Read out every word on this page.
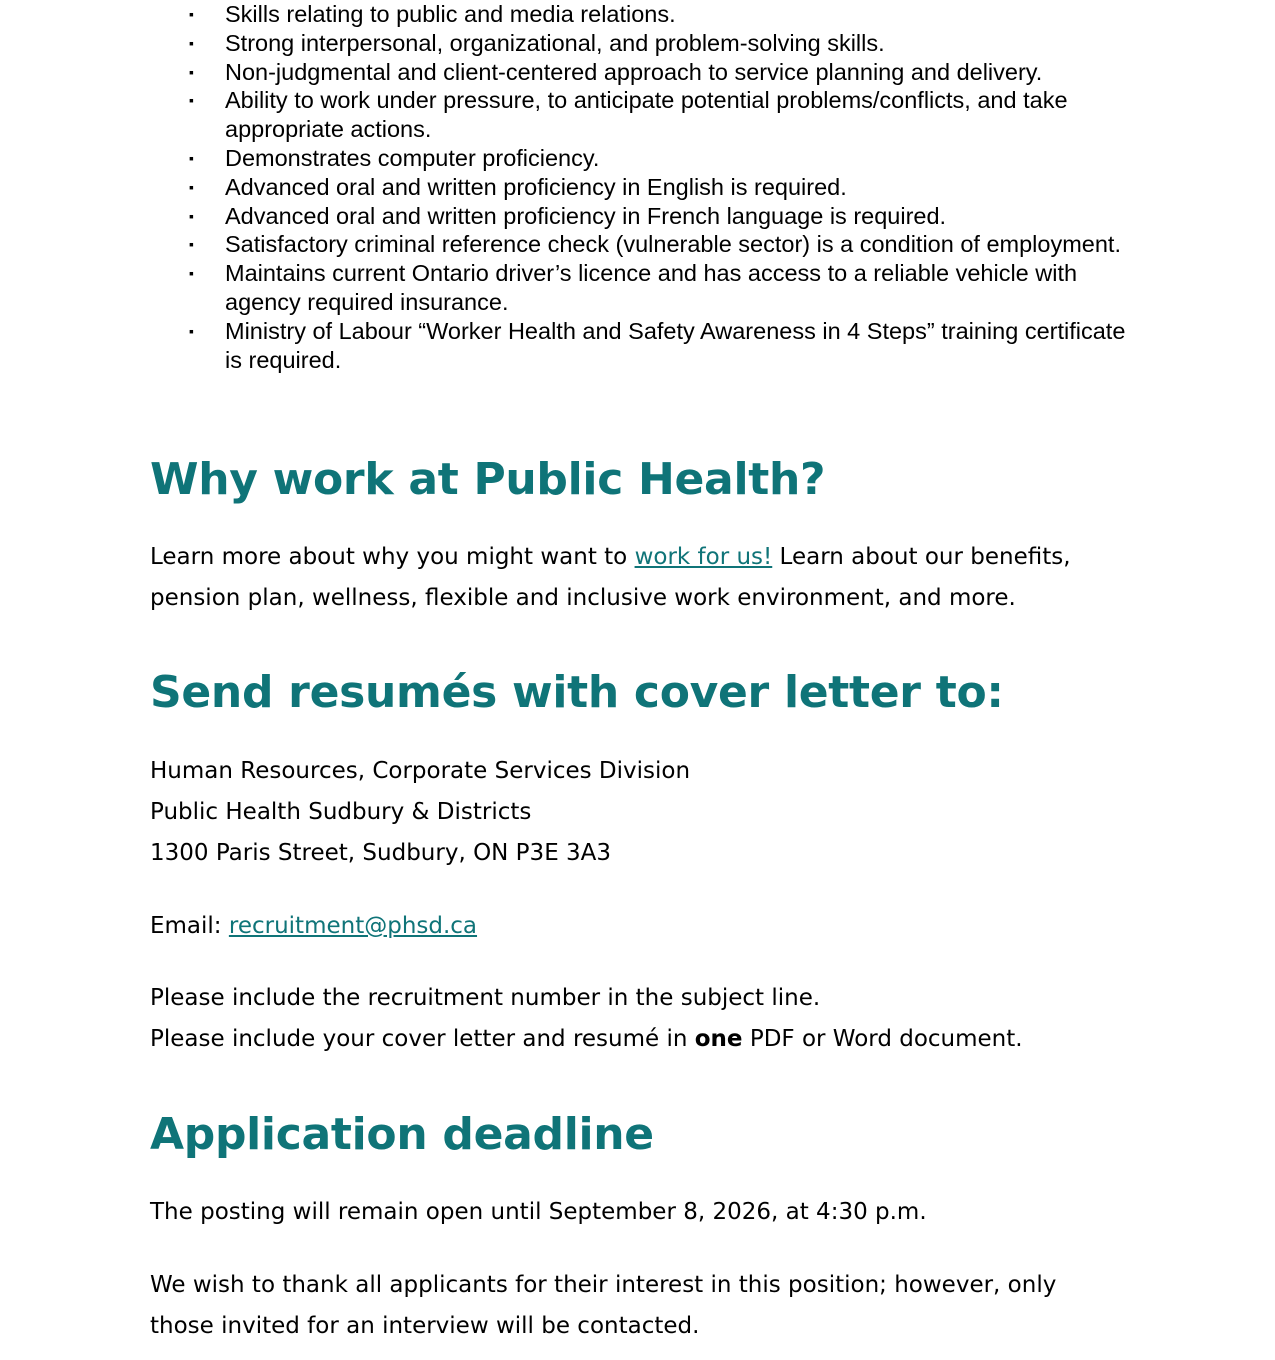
▪ Skills relating to public and media relations.
▪ Strong interpersonal, organizational, and problem-solving skills.
▪ Non-judgmental and client-centered approach to service planning and delivery.
▪ Ability to work under pressure, to anticipate potential problems/conflicts, and take appropriate actions.
▪ Demonstrates computer proficiency.
▪ Advanced oral and written proficiency in English is required.
▪ Advanced oral and written proficiency in French language is required.
▪ Satisfactory criminal reference check (vulnerable sector) is a condition of employment.
▪ Maintains current Ontario driver’s licence and has access to a reliable vehicle with agency required insurance.
▪ Ministry of Labour “Worker Health and Safety Awareness in 4 Steps” training certificate is required.
Why work at Public Health?

Learn more about why you might want to work for us! Learn about our benefits, pension plan, wellness, flexible and inclusive work environment, and more.

Send resumés with cover letter to:

Human Resources, Corporate Services Division

Public Health Sudbury & Districts

1300 Paris Street, Sudbury, ON P3E 3A3

Email: recruitment@phsd.ca

Please include the recruitment number in the subject line.

Please include your cover letter and resumé in one PDF or Word document.

Application deadline

The posting will remain open until September 8, 2026, at 4:30 p.m.

We wish to thank all applicants for their interest in this position; however, only those invited for an interview will be contacted.
